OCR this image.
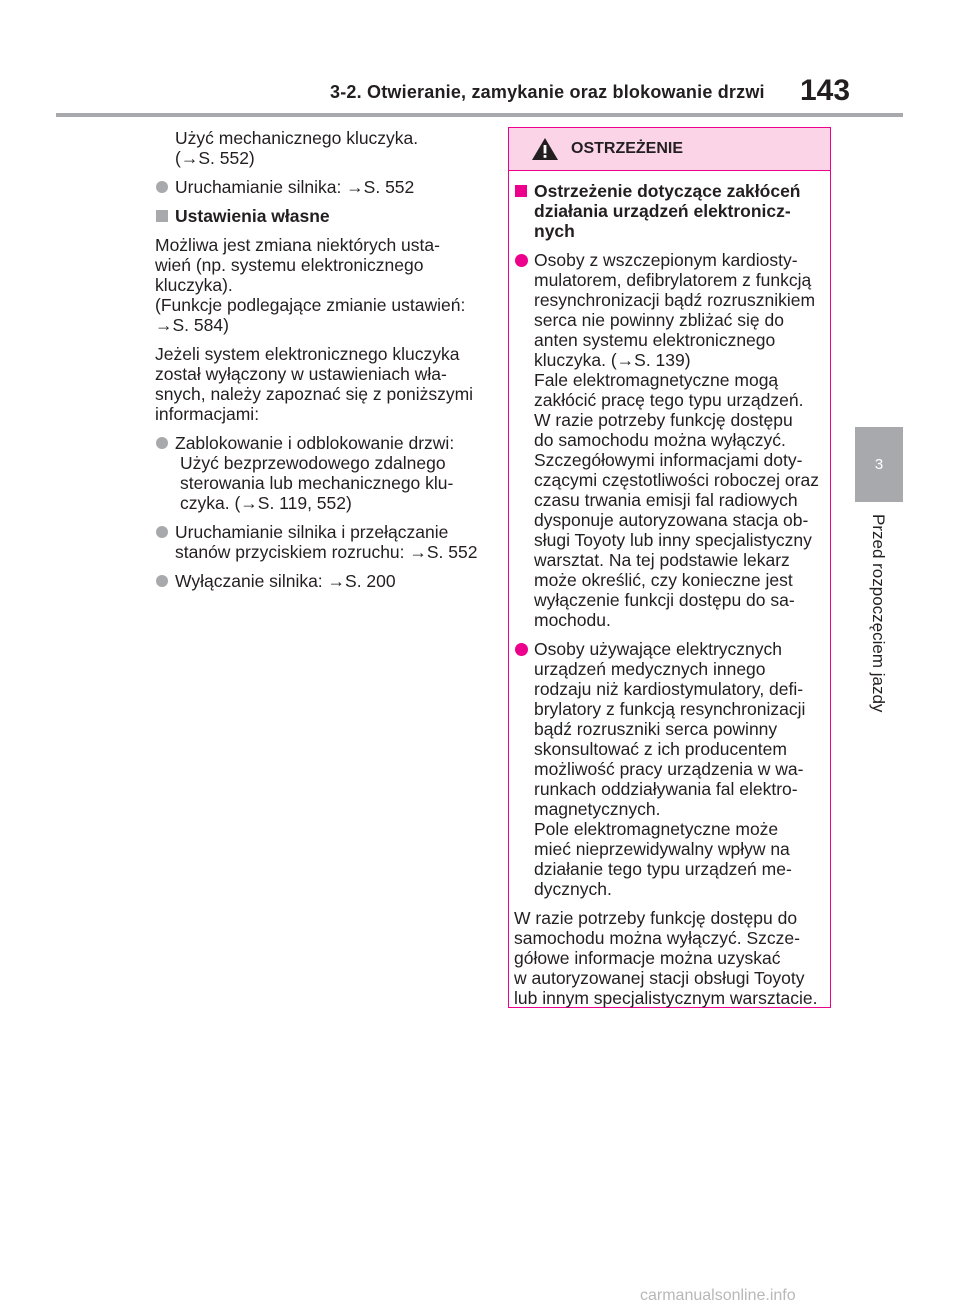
3-2. Otwieranie, zamykanie oraz blokowanie drzwi 143
3
Przed rozpoczęciem jazdy

Użyć mechanicznego kluczyka.
(→S. 552)

Uruchamianie silnika: →S. 552
Ustawienia własne

Możliwa jest zmiana niektórych usta-
wień (np. systemu elektronicznego
kluczyka).
(Funkcje podlegające zmianie ustawień:
→S. 584)

Jeżeli system elektronicznego kluczyka
został wyłączony w ustawieniach wła-
snych, należy zapoznać się z poniższymi
informacjami:

Zablokowanie i odblokowanie drzwi:
Użyć bezprzewodowego zdalnego
sterowania lub mechanicznego klu-
czyka. (→S. 119, 552)
Uruchamianie silnika i przełączanie
stanów przyciskiem rozruchu: →S. 552
Wyłączanie silnika: →S. 200
OSTRZEŻENIE
Ostrzeżenie dotyczące zakłóceń
działania urządzeń elektronicz-
nych
Osoby z wszczepionym kardiosty-
mulatorem, defibrylatorem z funkcją
resynchronizacji bądź rozrusznikiem
serca nie powinny zbliżać się do
anten systemu elektronicznego
kluczyka. (→S. 139)
Fale elektromagnetyczne mogą
zakłócić pracę tego typu urządzeń.
W razie potrzeby funkcję dostępu
do samochodu można wyłączyć.
Szczegółowymi informacjami doty-
czącymi częstotliwości roboczej oraz
czasu trwania emisji fal radiowych
dysponuje autoryzowana stacja ob-
sługi Toyoty lub inny specjalistyczny
warsztat. Na tej podstawie lekarz
może określić, czy konieczne jest
wyłączenie funkcji dostępu do sa-
mochodu.
Osoby używające elektrycznych
urządzeń medycznych innego
rodzaju niż kardiostymulatory, defi-
brylatory z funkcją resynchronizacji
bądź rozruszniki serca powinny
skonsultować z ich producentem
możliwość pracy urządzenia w wa-
runkach oddziaływania fal elektro-
magnetycznych.
Pole elektromagnetyczne może
mieć nieprzewidywalny wpływ na
działanie tego typu urządzeń me-
dycznych.

W razie potrzeby funkcję dostępu do
samochodu można wyłączyć. Szcze-
gółowe informacje można uzyskać
w autoryzowanej stacji obsługi Toyoty
lub innym specjalistycznym warsztacie.

carmanualsonline.info
